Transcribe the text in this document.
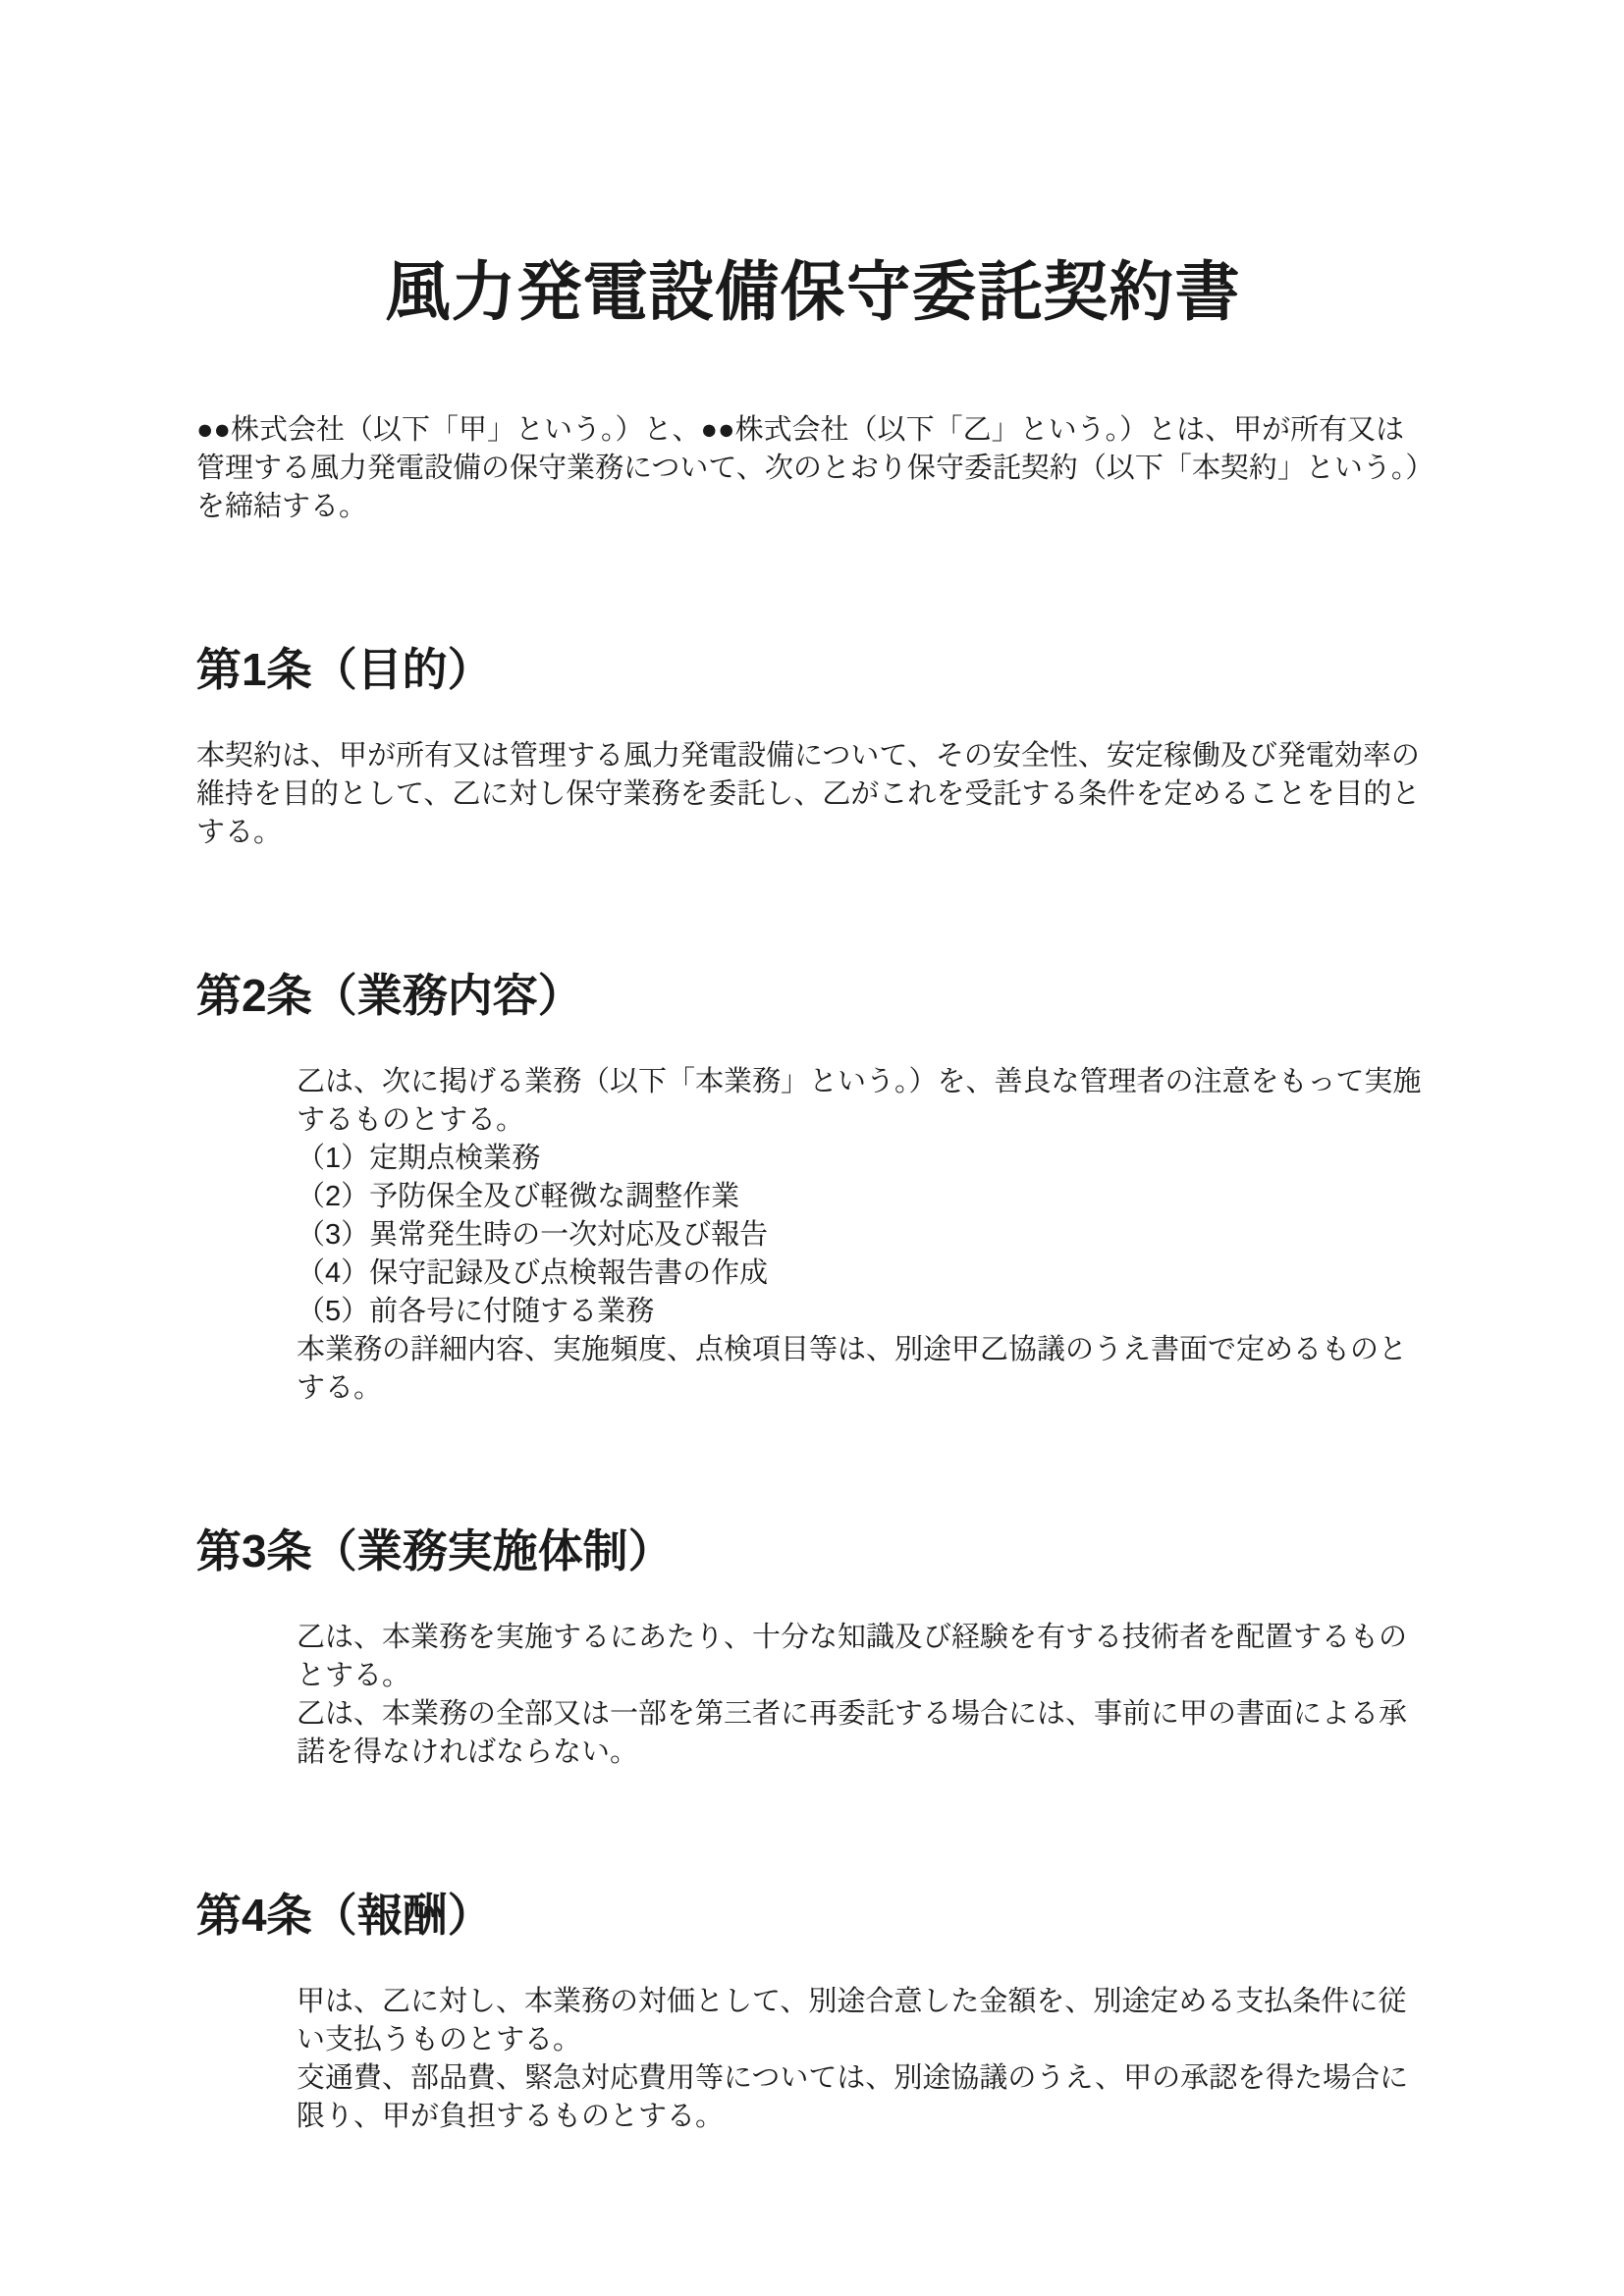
風力発電設備保守委託契約書

●●株式会社（以下「甲」という。）と、●●株式会社（以下「乙」という。）とは、甲が所有又は管理する風力発電設備の保守業務について、次のとおり保守委託契約（以下「本契約」という。）を締結する。

第1条（目的）

本契約は、甲が所有又は管理する風力発電設備について、その安全性、安定稼働及び発電効率の維持を目的として、乙に対し保守業務を委託し、乙がこれを受託する条件を定めることを目的とする。

第2条（業務内容）

乙は、次に掲げる業務（以下「本業務」という。）を、善良な管理者の注意をもって実施するものとする。

（1）定期点検業務
（2）予防保全及び軽微な調整作業
（3）異常発生時の一次対応及び報告
（4）保守記録及び点検報告書の作成
（5）前各号に付随する業務

本業務の詳細内容、実施頻度、点検項目等は、別途甲乙協議のうえ書面で定めるものとする。

第3条（業務実施体制）

乙は、本業務を実施するにあたり、十分な知識及び経験を有する技術者を配置するものとする。

乙は、本業務の全部又は一部を第三者に再委託する場合には、事前に甲の書面による承諾を得なければならない。

第4条（報酬）

甲は、乙に対し、本業務の対価として、別途合意した金額を、別途定める支払条件に従い支払うものとする。

交通費、部品費、緊急対応費用等については、別途協議のうえ、甲の承認を得た場合に限り、甲が負担するものとする。
